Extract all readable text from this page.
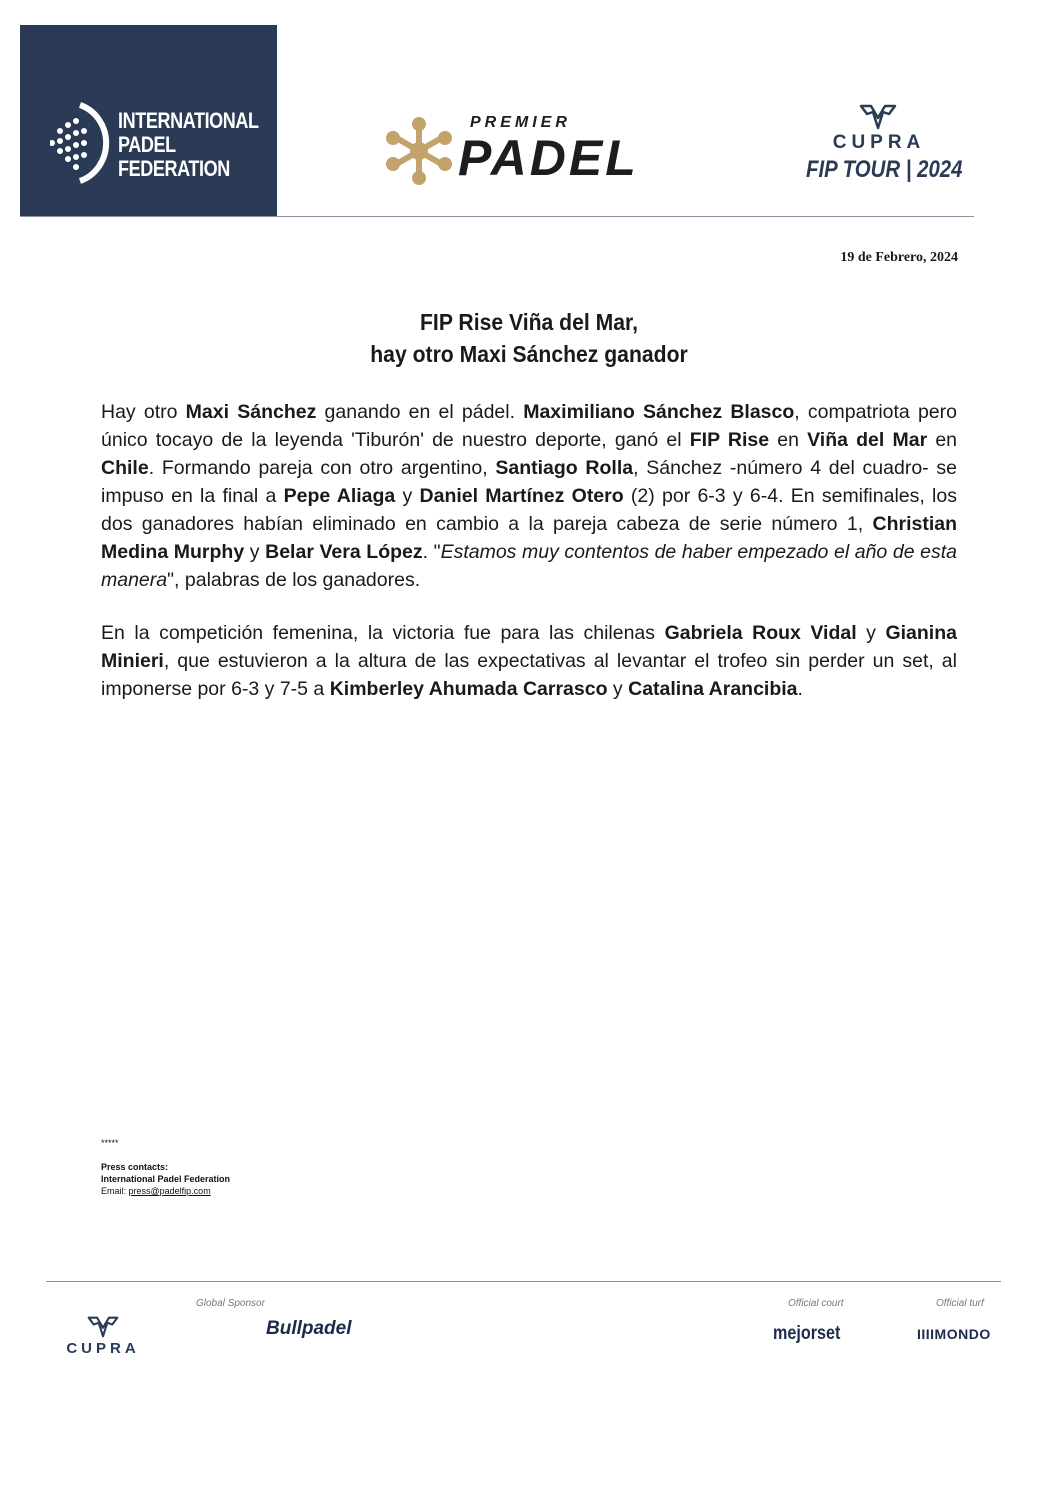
INTERNATIONAL
PADEL
FEDERATION
PREMIER
PADEL	CUPRA
FIP TOUR | 2024
19 de Febrero, 2024
FIP Rise Viña del Mar,
hay otro Maxi Sánchez ganador

Hay otro Maxi Sánchez ganando en el pádel. Maximiliano Sánchez Blasco, compatriota pero único tocayo de la leyenda 'Tiburón' de nuestro deporte, ganó el FIP Rise en Viña del Mar en Chile. Formando pareja con otro argentino, Santiago Rolla, Sánchez -número 4 del cuadro- se impuso en la final a Pepe Aliaga y Daniel Martínez Otero (2) por 6-3 y 6-4. En semifinales, los dos ganadores habían eliminado en cambio a la pareja cabeza de serie número 1, Christian Medina Murphy y Belar Vera López. "Estamos muy contentos de haber empezado el año de esta manera", palabras de los ganadores.

En la competición femenina, la victoria fue para las chilenas Gabriela Roux Vidal y Gianina Minieri, que estuvieron a la altura de las expectativas al levantar el trofeo sin perder un set, al imponerse por 6-3 y 7-5 a Kimberley Ahumada Carrasco y Catalina Arancibia.

*****
Press contacts:
International Padel Federation
Email: press@padelfip.com
Global Sponsor	Official court	Official turf
CUPRA
Bullpadel	mejorset	IIIIMONDO
